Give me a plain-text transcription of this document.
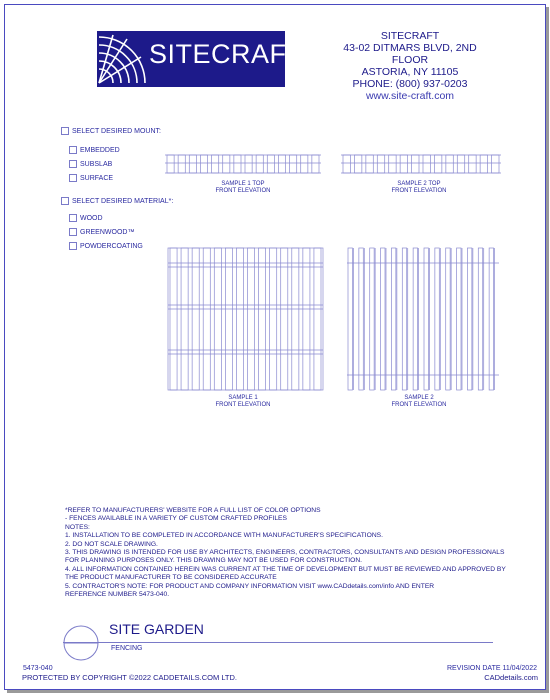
SITECRAFT
SITECRAFT
43-02 DITMARS BLVD, 2ND FLOOR
ASTORIA, NY 11105
PHONE: (800) 937-0203
www.site-craft.com
SELECT DESIRED MOUNT:
EMBEDDED
SUBSLAB
SURFACE
SELECT DESIRED MATERIAL*:
WOOD
GREENWOOD™
POWDERCOATING
SAMPLE 1 TOP
FRONT ELEVATION
SAMPLE 2 TOP
FRONT ELEVATION
SAMPLE 1
FRONT ELEVATION
SAMPLE 2
FRONT ELEVATION
*REFER TO MANUFACTURERS' WEBSITE FOR A FULL LIST OF COLOR OPTIONS
- FENCES AVAILABLE IN A VARIETY OF CUSTOM CRAFTED PROFILES
NOTES:
1. INSTALLATION TO BE COMPLETED IN ACCORDANCE WITH MANUFACTURER'S SPECIFICATIONS.
2. DO NOT SCALE DRAWING.
3. THIS DRAWING IS INTENDED FOR USE BY ARCHITECTS, ENGINEERS, CONTRACTORS, CONSULTANTS AND DESIGN PROFESSIONALS
FOR PLANNING PURPOSES ONLY. THIS DRAWING MAY NOT BE USED FOR CONSTRUCTION.
4. ALL INFORMATION CONTAINED HEREIN WAS CURRENT AT THE TIME OF DEVELOPMENT BUT MUST BE REVIEWED AND APPROVED BY
THE PRODUCT MANUFACTURER TO BE CONSIDERED ACCURATE
5. CONTRACTOR'S NOTE: FOR PRODUCT AND COMPANY INFORMATION VISIT www.CADdetails.com/info AND ENTER
REFERENCE NUMBER 5473-040.
SITE GARDEN
FENCING
5473-040	REVISION DATE 11/04/2022
PROTECTED BY COPYRIGHT ©2022 CADDETAILS.COM LTD.	CADdetails.com
